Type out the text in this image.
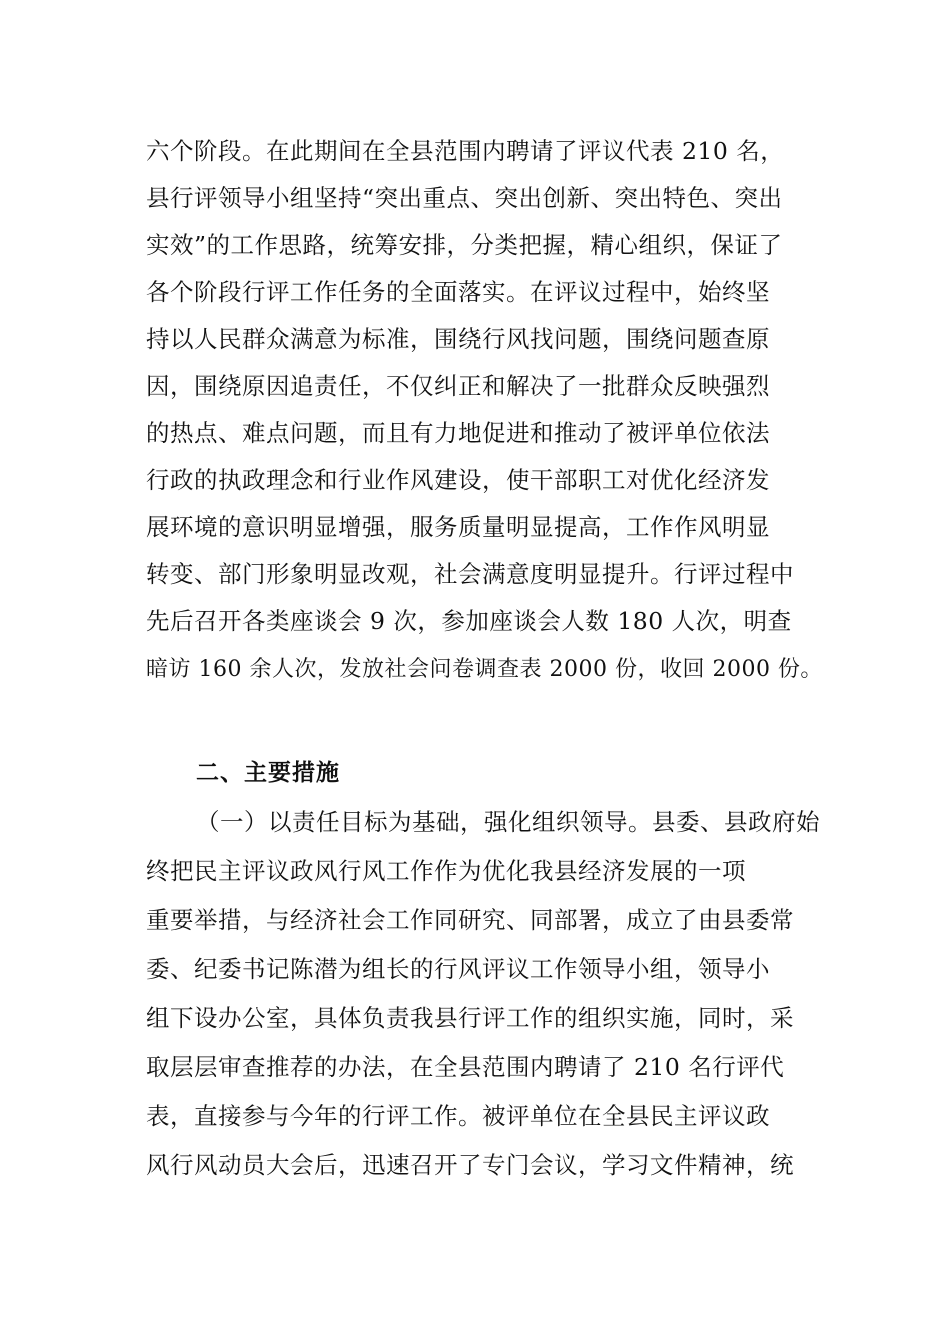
六个阶段。在此期间在全县范围内聘请了评议代表 210 名，
县行评领导小组坚持“突出重点、突出创新、突出特色、突出
实效”的工作思路，统筹安排，分类把握，精心组织，保证了
各个阶段行评工作任务的全面落实。在评议过程中，始终坚
持以人民群众满意为标准，围绕行风找问题，围绕问题查原
因，围绕原因追责任，不仅纠正和解决了一批群众反映强烈
的热点、难点问题，而且有力地促进和推动了被评单位依法
行政的执政理念和行业作风建设，使干部职工对优化经济发
展环境的意识明显增强，服务质量明显提高，工作作风明显
转变、部门形象明显改观，社会满意度明显提升。行评过程中
先后召开各类座谈会 9 次，参加座谈会人数 180 人次，明查
暗访 160 余人次，发放社会问卷调查表 2000 份，收回 2000 份。
二、主要措施
（一）以责任目标为基础，强化组织领导。县委、县政府始
终把民主评议政风行风工作作为优化我县经济发展的一项
重要举措，与经济社会工作同研究、同部署，成立了由县委常
委、纪委书记陈潜为组长的行风评议工作领导小组，领导小
组下设办公室，具体负责我县行评工作的组织实施，同时，采
取层层审查推荐的办法，在全县范围内聘请了 210 名行评代
表，直接参与今年的行评工作。被评单位在全县民主评议政
风行风动员大会后，迅速召开了专门会议，学习文件精神，统
